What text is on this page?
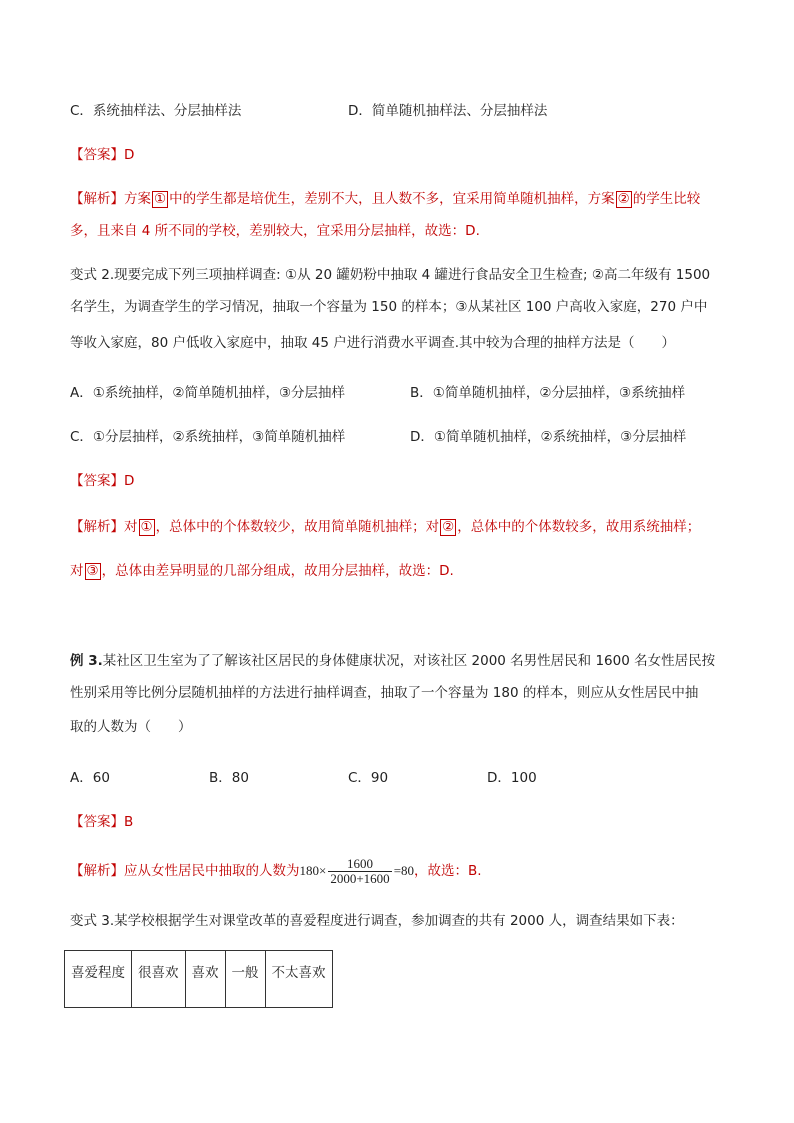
C．系统抽样法、分层抽样法	D．简单随机抽样法、分层抽样法
【答案】D
【解析】方案 ① 中的学生都是培优生，差别不大，且人数不多，宜采用简单随机抽样，方案 ② 的学生比较
多，且来自 4 所不同的学校，差别较大，宜采用分层抽样，故选：D.
变式 2.现要完成下列三项抽样调查: ①从 20 罐奶粉中抽取 4 罐进行食品安全卫生检查; ②高二年级有 1500
名学生，为调查学生的学习情况，抽取一个容量为 150 的样本；③从某社区 100 户高收入家庭，270 户中
等收入家庭，80 户低收入家庭中，抽取 45 户进行消费水平调查.其中较为合理的抽样方法是（　　）
A．①系统抽样，②简单随机抽样，③分层抽样	B．①简单随机抽样，②分层抽样，③系统抽样
C．①分层抽样，②系统抽样，③简单随机抽样	D．①简单随机抽样，②系统抽样，③分层抽样
【答案】D
【解析】对 ① ，总体中的个体数较少，故用简单随机抽样；对 ② ，总体中的个体数较多，故用系统抽样；
对 ③ ，总体由差异明显的几部分组成，故用分层抽样，故选：D.
例 3.某社区卫生室为了了解该社区居民的身体健康状况，对该社区 2000 名男性居民和 1600 名女性居民按
性别采用等比例分层随机抽样的方法进行抽样调查，抽取了一个容量为 180 的样本，则应从女性居民中抽
取的人数为（　　）
A．60	B．80	C．90	D．100
【答案】B
【解析】应从女性居民中抽取的人数为$180\times \frac{1600}{2000+1600} =80$，故选：B.
变式 3.某学校根据学生对课堂改革的喜爱程度进行调查，参加调查的共有 2000 人，调查结果如下表：
喜爱程度	很喜欢	喜欢	一般	不太喜欢
